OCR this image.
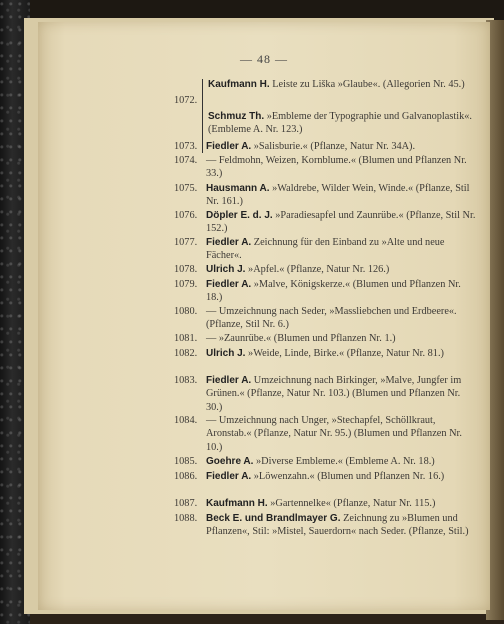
— 48 —
Kaufmann H. Leiste zu Liška »Glaube«. (Allegorien Nr. 45.)
1072.
Schmuz Th. »Embleme der Typographie und Galvanoplastik«. (Embleme A. Nr. 123.)
1073. Fiedler A. »Salisburie.« (Pflanze, Natur Nr. 34A).
1074. — Feldmohn, Weizen, Kornblume.« (Blumen und Pflanzen Nr. 33.)
1075. Hausmann A. »Waldrebe, Wilder Wein, Winde.« (Pflanze, Stil Nr. 161.)
1076. Döpler E. d. J. »Paradiesapfel und Zaunrübe.« (Pflanze, Stil Nr. 152.)
1077. Fiedler A. Zeichnung für den Einband zu »Alte und neue Fächer«.
1078. Ulrich J. »Apfel.« (Pflanze, Natur Nr. 126.)
1079. Fiedler A. »Malve, Königskerze.« (Blumen und Pflanzen Nr. 18.)
1080. — Umzeichnung nach Seder, »Massliebchen und Erdbeere«. (Pflanze, Stil Nr. 6.)
1081. — »Zaunrübe.« (Blumen und Pflanzen Nr. 1.)
1082. Ulrich J. »Weide, Linde, Birke.« (Pflanze, Natur Nr. 81.)
1083. Fiedler A. Umzeichnung nach Birkinger, »Malve, Jungfer im Grünen.« (Pflanze, Natur Nr. 103.) (Blumen und Pflanzen Nr. 30.)
1084. — Umzeichnung nach Unger, »Stechapfel, Schöllkraut, Aronstab.« (Pflanze, Natur Nr. 95.) (Blumen und Pflanzen Nr. 10.)
1085. Goehre A. »Diverse Embleme.« (Embleme A. Nr. 18.)
1086. Fiedler A. »Löwenzahn.« (Blumen und Pflanzen Nr. 16.)
1087. Kaufmann H. »Gartennelke« (Pflanze, Natur Nr. 115.)
1088. Beck E. und Brandlmayer G. Zeichnung zu »Blumen und Pflanzen«, Stil: »Mistel, Sauerdorn« nach Seder. (Pflanze, Stil.)
